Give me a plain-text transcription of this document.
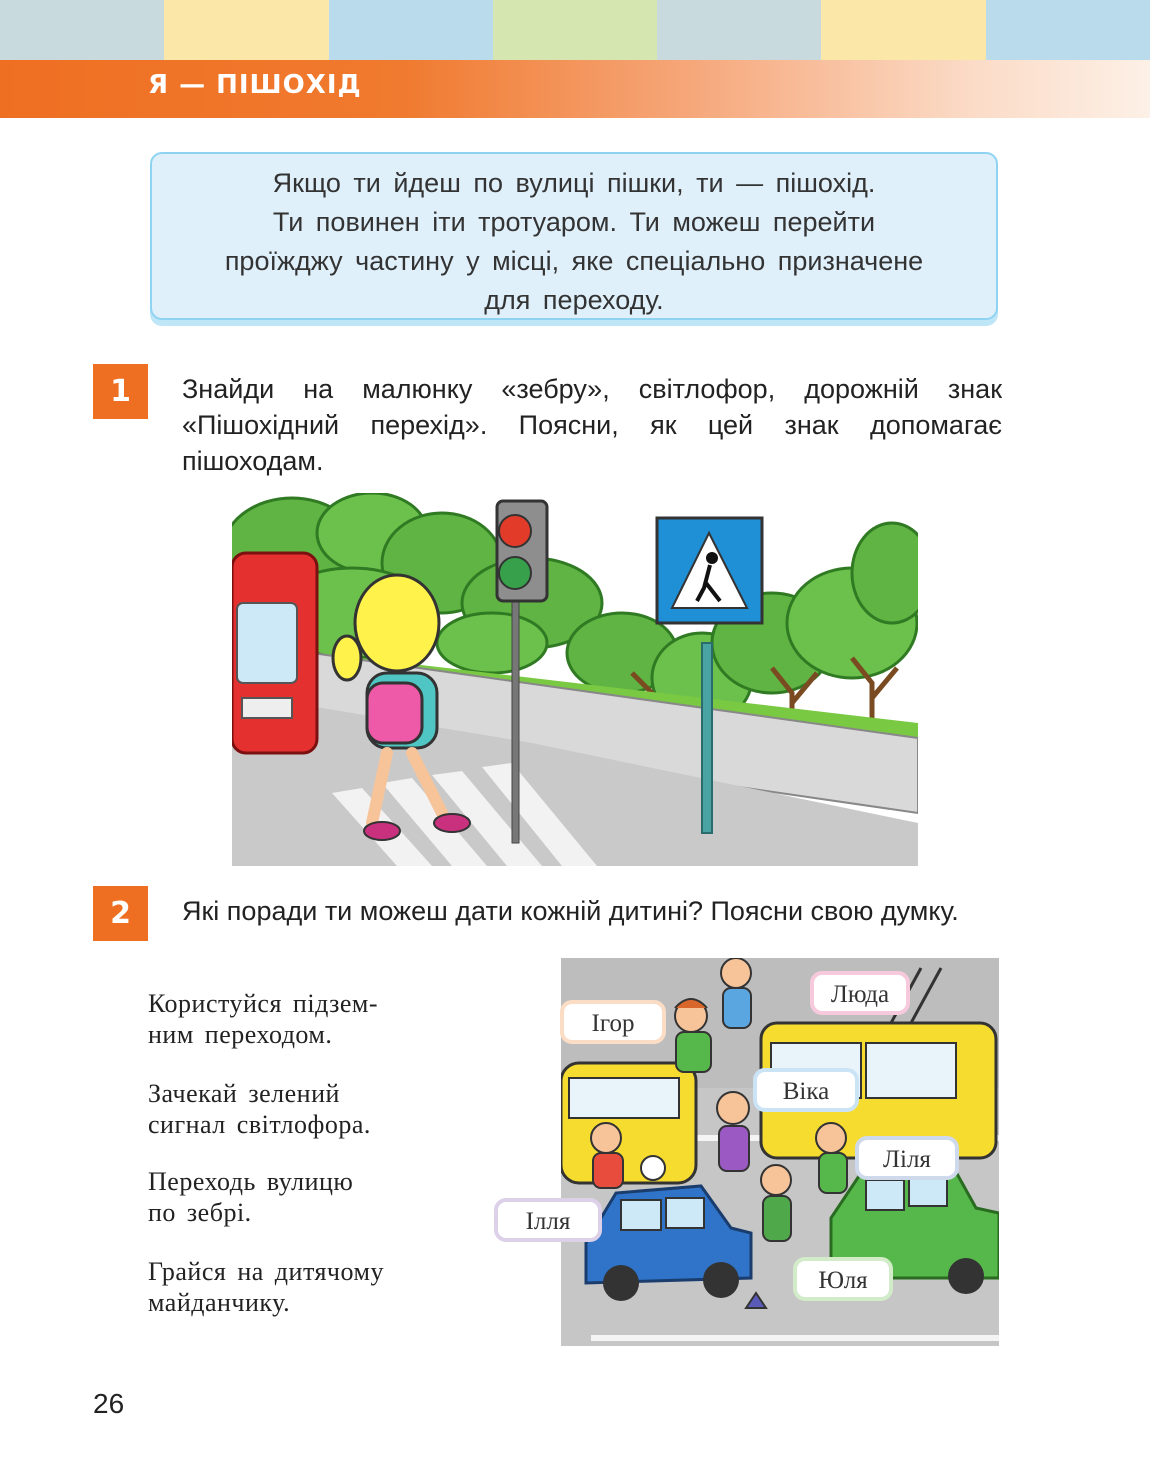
Я — ПІШОХІД
Якщо ти йдеш по вулиці пішки, ти — пішохід.
Ти повинен іти тротуаром. Ти можеш перейти
проїжджу частину у місці, яке спеціально призначене
для переходу.
1	Знайди на малюнку «зебру», світлофор, дорожній знак
«Пішохідний перехід». Поясни, як цей знак допомагає
пішоходам.
2	Які поради ти можеш дати кожній дитині? Поясни свою думку.
Користуйся підзем-
ним переходом.
Зачекай зелений
сигнал світлофора.
Переходь вулицю
по зебрі.
Грайся на дитячому
майданчику.
Ігор
Люда
Віка
Ліля
Ілля
Юля
26
